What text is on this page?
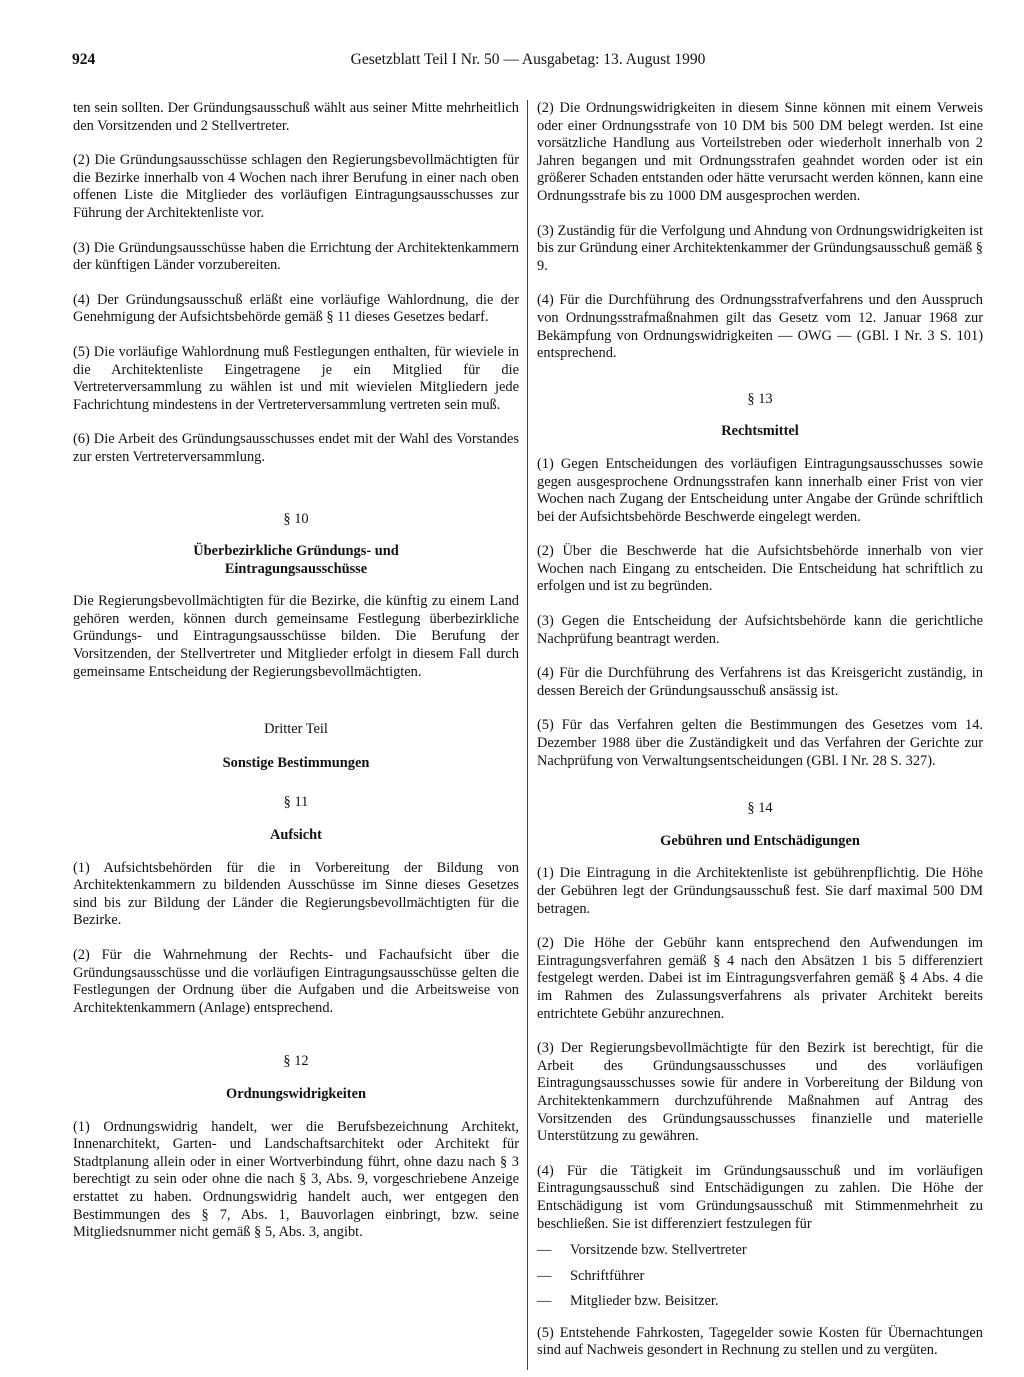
924	Gesetzblatt Teil I Nr. 50 — Ausgabetag: 13. August 1990

ten sein sollten. Der Gründungsausschuß wählt aus seiner Mitte mehrheitlich den Vorsitzenden und 2 Stellvertreter.

(2) Die Gründungsausschüsse schlagen den Regierungsbevollmächtigten für die Bezirke innerhalb von 4 Wochen nach ihrer Berufung in einer nach oben offenen Liste die Mitglieder des vorläufigen Eintragungsausschusses zur Führung der Architektenliste vor.

(3) Die Gründungsausschüsse haben die Errichtung der Architektenkammern der künftigen Länder vorzubereiten.

(4) Der Gründungsausschuß erläßt eine vorläufige Wahlordnung, die der Genehmigung der Aufsichtsbehörde gemäß § 11 dieses Gesetzes bedarf.

(5) Die vorläufige Wahlordnung muß Festlegungen enthalten, für wieviele in die Architektenliste Eingetragene je ein Mitglied für die Vertreterversammlung zu wählen ist und mit wievielen Mitgliedern jede Fachrichtung mindestens in der Vertreterversammlung vertreten sein muß.

(6) Die Arbeit des Gründungsausschusses endet mit der Wahl des Vorstandes zur ersten Vertreterversammlung.

§ 10
Überbezirkliche Gründungs- und
Eintragungsausschüsse

Die Regierungsbevollmächtigten für die Bezirke, die künftig zu einem Land gehören werden, können durch gemeinsame Festlegung überbezirkliche Gründungs- und Eintragungsausschüsse bilden. Die Berufung der Vorsitzenden, der Stellvertreter und Mitglieder erfolgt in diesem Fall durch gemeinsame Entscheidung der Regierungsbevollmächtigten.

Dritter Teil
Sonstige Bestimmungen
§ 11
Aufsicht

(1) Aufsichtsbehörden für die in Vorbereitung der Bildung von Architektenkammern zu bildenden Ausschüsse im Sinne dieses Gesetzes sind bis zur Bildung der Länder die Regierungsbevollmächtigten für die Bezirke.

(2) Für die Wahrnehmung der Rechts- und Fachaufsicht über die Gründungsausschüsse und die vorläufigen Eintragungsausschüsse gelten die Festlegungen der Ordnung über die Aufgaben und die Arbeitsweise von Architektenkammern (Anlage) entsprechend.

§ 12
Ordnungswidrigkeiten

(1) Ordnungswidrig handelt, wer die Berufsbezeichnung Architekt, Innenarchitekt, Garten- und Landschaftsarchitekt oder Architekt für Stadtplanung allein oder in einer Wortverbindung führt, ohne dazu nach § 3 berechtigt zu sein oder ohne die nach § 3, Abs. 9, vorgeschriebene Anzeige erstattet zu haben. Ordnungswidrig handelt auch, wer entgegen den Bestimmungen des § 7, Abs. 1, Bauvorlagen einbringt, bzw. seine Mitgliedsnummer nicht gemäß § 5, Abs. 3, angibt.

(2) Die Ordnungswidrigkeiten in diesem Sinne können mit einem Verweis oder einer Ordnungsstrafe von 10 DM bis 500 DM belegt werden. Ist eine vorsätzliche Handlung aus Vorteilstreben oder wiederholt innerhalb von 2 Jahren begangen und mit Ordnungsstrafen geahndet worden oder ist ein größerer Schaden entstanden oder hätte verursacht werden können, kann eine Ordnungsstrafe bis zu 1000 DM ausgesprochen werden.

(3) Zuständig für die Verfolgung und Ahndung von Ordnungswidrigkeiten ist bis zur Gründung einer Architektenkammer der Gründungsausschuß gemäß § 9.

(4) Für die Durchführung des Ordnungsstrafverfahrens und den Ausspruch von Ordnungsstrafmaßnahmen gilt das Gesetz vom 12. Januar 1968 zur Bekämpfung von Ordnungswidrigkeiten — OWG — (GBl. I Nr. 3 S. 101) entsprechend.

§ 13
Rechtsmittel

(1) Gegen Entscheidungen des vorläufigen Eintragungsausschusses sowie gegen ausgesprochene Ordnungsstrafen kann innerhalb einer Frist von vier Wochen nach Zugang der Entscheidung unter Angabe der Gründe schriftlich bei der Aufsichtsbehörde Beschwerde eingelegt werden.

(2) Über die Beschwerde hat die Aufsichtsbehörde innerhalb von vier Wochen nach Eingang zu entscheiden. Die Entscheidung hat schriftlich zu erfolgen und ist zu begründen.

(3) Gegen die Entscheidung der Aufsichtsbehörde kann die gerichtliche Nachprüfung beantragt werden.

(4) Für die Durchführung des Verfahrens ist das Kreisgericht zuständig, in dessen Bereich der Gründungsausschuß ansässig ist.

(5) Für das Verfahren gelten die Bestimmungen des Gesetzes vom 14. Dezember 1988 über die Zuständigkeit und das Verfahren der Gerichte zur Nachprüfung von Verwaltungsentscheidungen (GBl. I Nr. 28 S. 327).

§ 14
Gebühren und Entschädigungen

(1) Die Eintragung in die Architektenliste ist gebührenpflichtig. Die Höhe der Gebühren legt der Gründungsausschuß fest. Sie darf maximal 500 DM betragen.

(2) Die Höhe der Gebühr kann entsprechend den Aufwendungen im Eintragungsverfahren gemäß § 4 nach den Absätzen 1 bis 5 differenziert festgelegt werden. Dabei ist im Eintragungsverfahren gemäß § 4 Abs. 4 die im Rahmen des Zulassungsverfahrens als privater Architekt bereits entrichtete Gebühr anzurechnen.

(3) Der Regierungsbevollmächtigte für den Bezirk ist berechtigt, für die Arbeit des Gründungsausschusses und des vorläufigen Eintragungsausschusses sowie für andere in Vorbereitung der Bildung von Architektenkammern durchzuführende Maßnahmen auf Antrag des Vorsitzenden des Gründungsausschusses finanzielle und materielle Unterstützung zu gewähren.

(4) Für die Tätigkeit im Gründungsausschuß und im vorläufigen Eintragungsausschuß sind Entschädigungen zu zahlen. Die Höhe der Entschädigung ist vom Gründungsausschuß mit Stimmenmehrheit zu beschließen. Sie ist differenziert festzulegen für

— Vorsitzende bzw. Stellvertreter
— Schriftführer
— Mitglieder bzw. Beisitzer.

(5) Entstehende Fahrkosten, Tagegelder sowie Kosten für Übernachtungen sind auf Nachweis gesondert in Rechnung zu stellen und zu vergüten.
